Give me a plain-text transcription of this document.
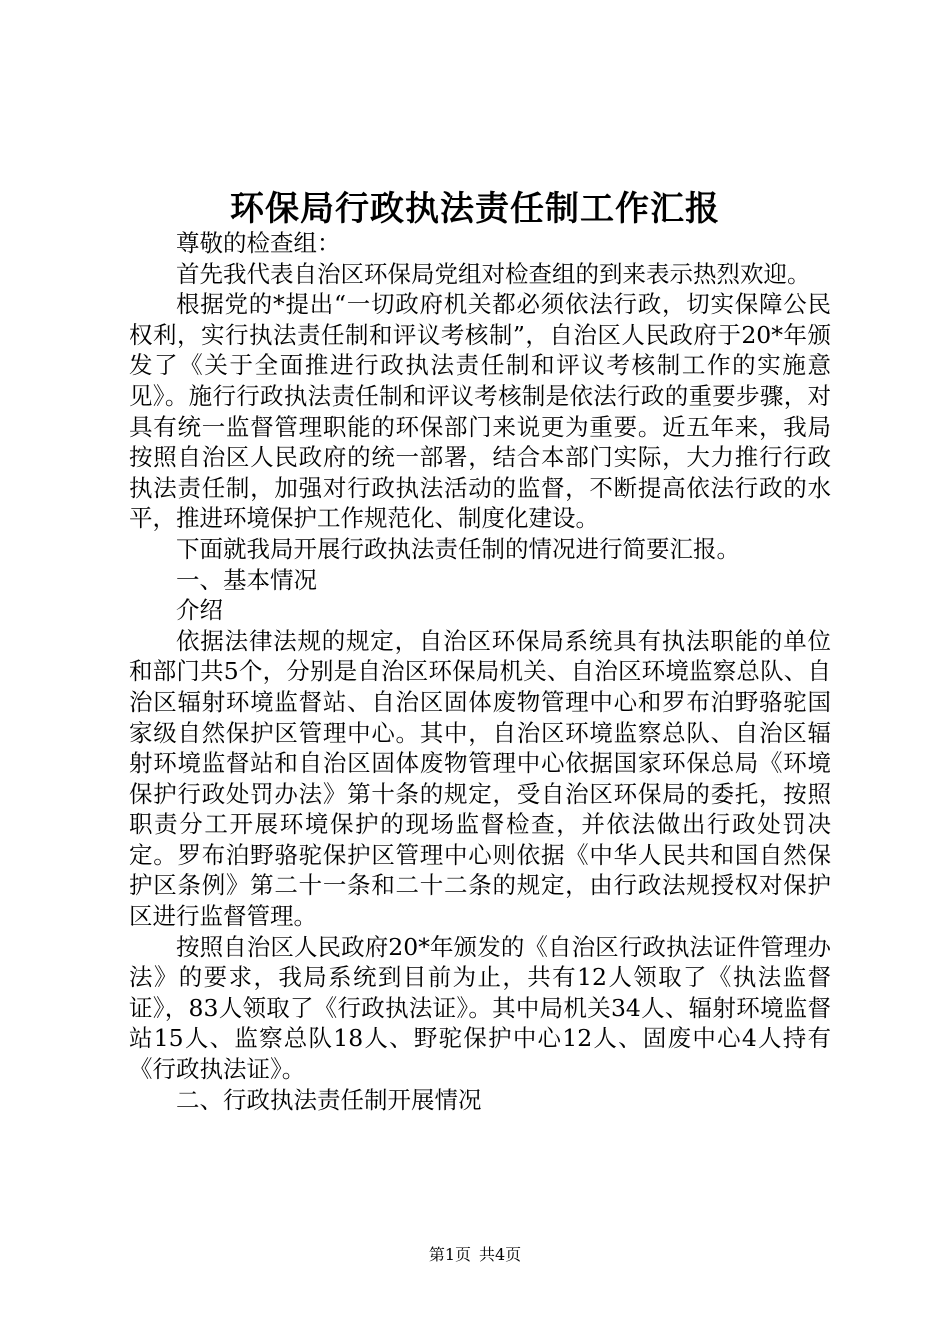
环保局行政执法责任制工作汇报

尊敬的检查组：

首先我代表自治区环保局党组对检查组的到来表示热烈欢迎。

根据党的*提出“一切政府机关都必须依法行政，切实保障公民权利，实行执法责任制和评议考核制”，自治区人民政府于20*年颁发了《关于全面推进行政执法责任制和评议考核制工作的实施意见》。施行行政执法责任制和评议考核制是依法行政的重要步骤，对具有统一监督管理职能的环保部门来说更为重要。近五年来，我局按照自治区人民政府的统一部署，结合本部门实际，大力推行行政执法责任制，加强对行政执法活动的监督，不断提高依法行政的水平，推进环境保护工作规范化、制度化建设。

下面就我局开展行政执法责任制的情况进行简要汇报。

一、基本情况

介绍

依据法律法规的规定，自治区环保局系统具有执法职能的单位和部门共5个，分别是自治区环保局机关、自治区环境监察总队、自治区辐射环境监督站、自治区固体废物管理中心和罗布泊野骆驼国家级自然保护区管理中心。其中，自治区环境监察总队、自治区辐射环境监督站和自治区固体废物管理中心依据国家环保总局《环境保护行政处罚办法》第十条的规定，受自治区环保局的委托，按照职责分工开展环境保护的现场监督检查，并依法做出行政处罚决定。罗布泊野骆驼保护区管理中心则依据《中华人民共和国自然保护区条例》第二十一条和二十二条的规定，由行政法规授权对保护区进行监督管理。

按照自治区人民政府20*年颁发的《自治区行政执法证件管理办法》的要求，我局系统到目前为止，共有12人领取了《执法监督证》，83人领取了《行政执法证》。其中局机关34人、辐射环境监督站15人、监察总队18人、野驼保护中心12人、固废中心4人持有《行政执法证》。

二、行政执法责任制开展情况

第1页 共4页
